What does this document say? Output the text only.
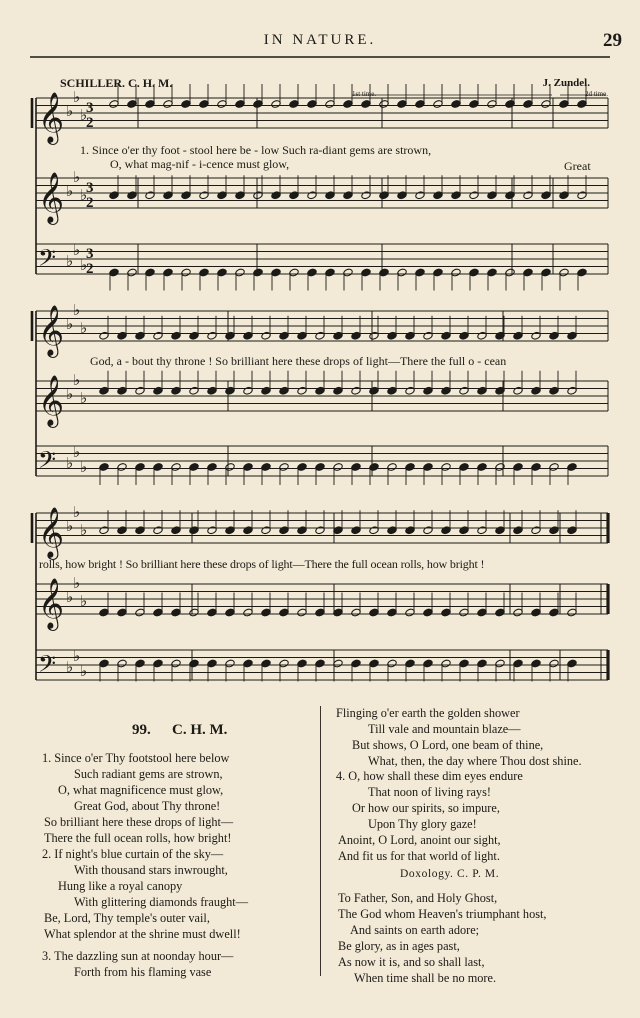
IN NATURE.	29
SCHILLER. C. H. M.	J. Zundel.
1st time.	2d time.
𝄞 ♭
♭
♭
3
2
𝄞 ♭
♭
♭
3
2
𝄢 ♭
♭
♭
3
2
𝄞 ♭
♭
♭
𝄞 ♭
♭
♭
𝄢 ♭
♭
♭
𝄞 ♭
♭
♭
𝄞 ♭
♭
♭
𝄢 ♭
♭
♭
1. Since o'er thy foot - stool here be - low Such ra-diant gems are strown,
O, what mag-nif - i-cence must glow,	Great
God, a - bout thy throne ! So brilliant here these drops of light—There the full o - cean
rolls, how bright ! So brilliant here these drops of light—There the full ocean rolls, how bright !
99. C. H. M.
1. Since o'er Thy footstool here below
Such radiant gems are strown,
O, what magnificence must glow,
Great God, about Thy throne!
So brilliant here these drops of light—
There the full ocean rolls, how bright!
2. If night's blue curtain of the sky—
With thousand stars inwrought,
Hung like a royal canopy
With glittering diamonds fraught—
Be, Lord, Thy temple's outer vail,
What splendor at the shrine must dwell!
3. The dazzling sun at noonday hour—
Forth from his flaming vase
Flinging o'er earth the golden shower
Till vale and mountain blaze—
But shows, O Lord, one beam of thine,
What, then, the day where Thou dost shine.
4. O, how shall these dim eyes endure
That noon of living rays!
Or how our spirits, so impure,
Upon Thy glory gaze!
Anoint, O Lord, anoint our sight,
And fit us for that world of light.
Doxology. C. P. M.
To Father, Son, and Holy Ghost,
The God whom Heaven's triumphant host,
And saints on earth adore;
Be glory, as in ages past,
As now it is, and so shall last,
When time shall be no more.
